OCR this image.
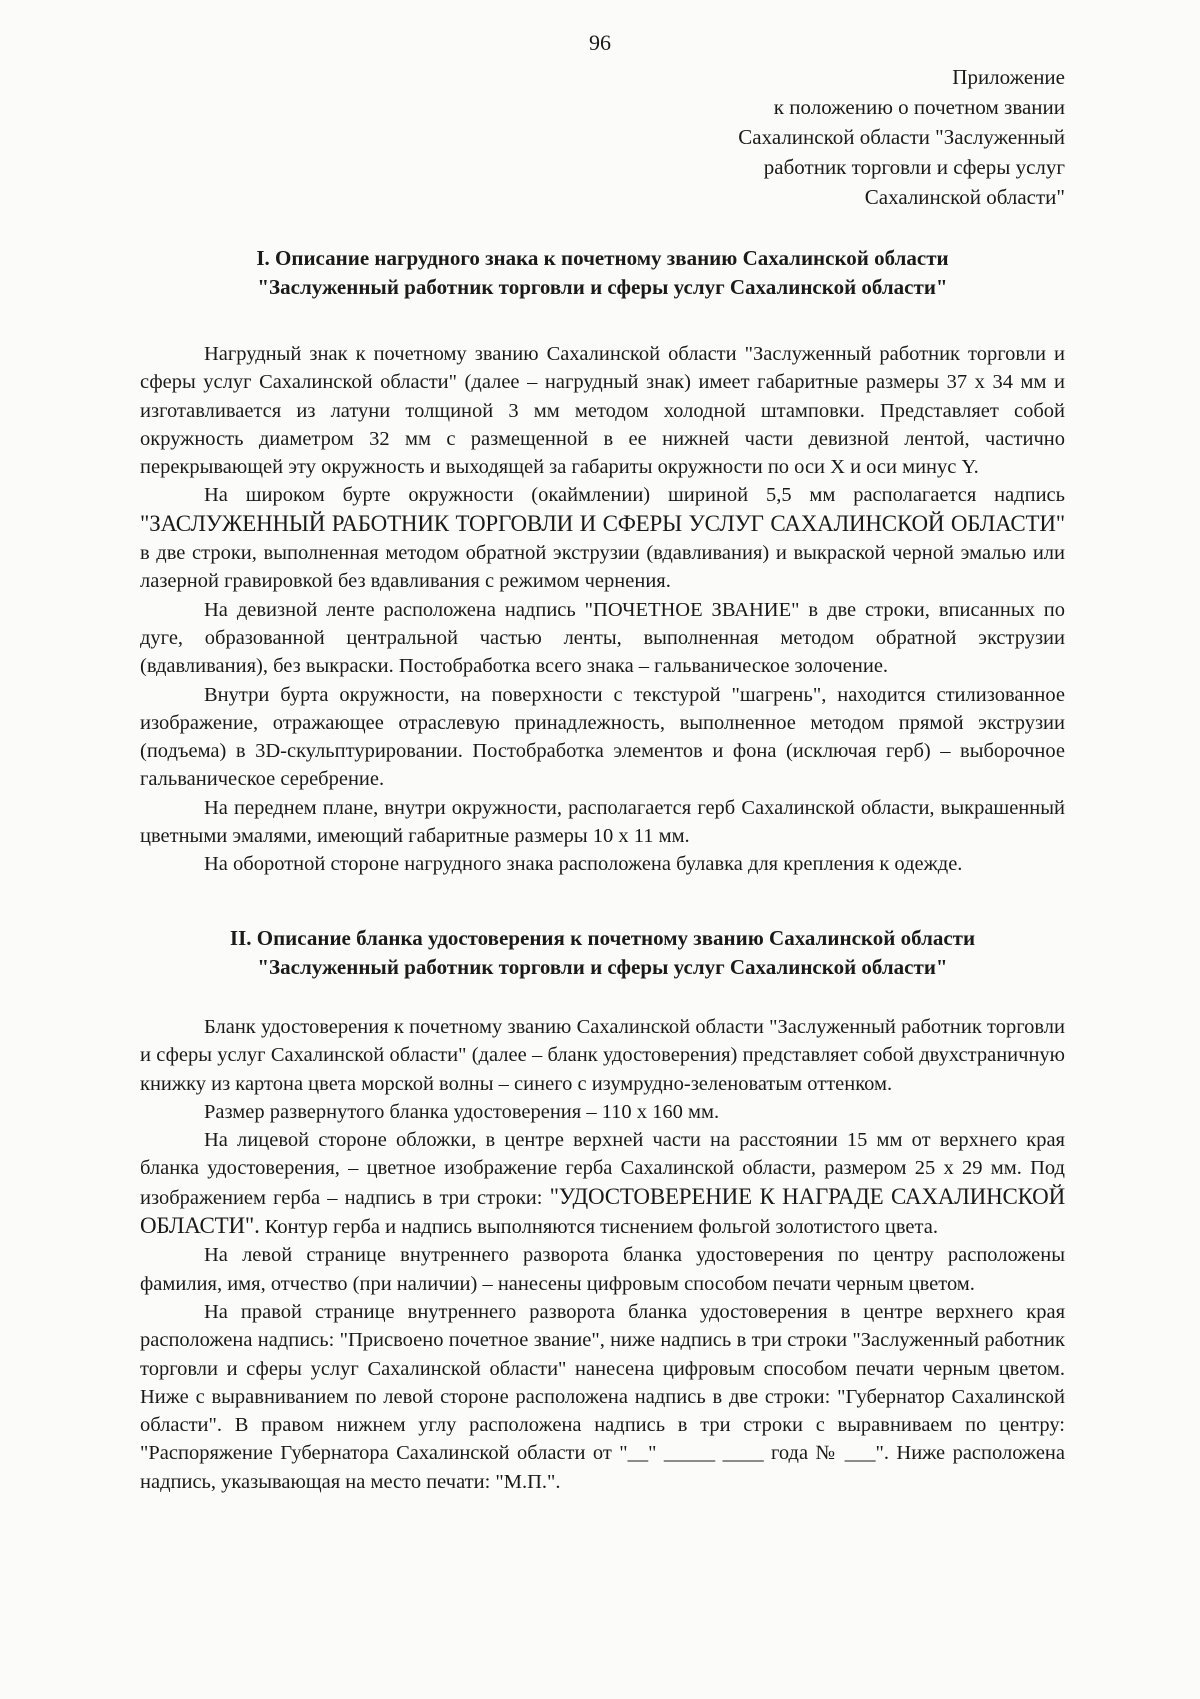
96
Приложение
к положению о почетном звании
Сахалинской области "Заслуженный
работник торговли и сферы услуг
Сахалинской области"
I. Описание нагрудного знака к почетному званию Сахалинской области
"Заслуженный работник торговли и сферы услуг Сахалинской области"

Нагрудный знак к почетному званию Сахалинской области "Заслуженный работник торговли и сферы услуг Сахалинской области" (далее – нагрудный знак) имеет габаритные размеры 37 х 34 мм и изготавливается из латуни толщиной 3 мм методом холодной штамповки. Представляет собой окружность диаметром 32 мм с размещенной в ее нижней части девизной лентой, частично перекрывающей эту окружность и выходящей за габариты окружности по оси X и оси минус Y.

На широком бурте окружности (окаймлении) шириной 5,5 мм располагается надпись "ЗАСЛУЖЕННЫЙ РАБОТНИК ТОРГОВЛИ И СФЕРЫ УСЛУГ САХАЛИНСКОЙ ОБЛАСТИ" в две строки, выполненная методом обратной экструзии (вдавливания) и выкраской черной эмалью или лазерной гравировкой без вдавливания с режимом чернения.

На девизной ленте расположена надпись "ПОЧЕТНОЕ ЗВАНИЕ" в две строки, вписанных по дуге, образованной центральной частью ленты, выполненная методом обратной экструзии (вдавливания), без выкраски. Постобработка всего знака – гальваническое золочение.

Внутри бурта окружности, на поверхности с текстурой "шагрень", находится стилизованное изображение, отражающее отраслевую принадлежность, выполненное методом прямой экструзии (подъема) в 3D-скульптурировании. Постобработка элементов и фона (исключая герб) – выборочное гальваническое серебрение.

На переднем плане, внутри окружности, располагается герб Сахалинской области, выкрашенный цветными эмалями, имеющий габаритные размеры 10 х 11 мм.

На оборотной стороне нагрудного знака расположена булавка для крепления к одежде.

II. Описание бланка удостоверения к почетному званию Сахалинской области
"Заслуженный работник торговли и сферы услуг Сахалинской области"

Бланк удостоверения к почетному званию Сахалинской области "Заслуженный работник торговли и сферы услуг Сахалинской области" (далее – бланк удостоверения) представляет собой двухстраничную книжку из картона цвета морской волны – синего с изумрудно-зеленоватым оттенком.

Размер развернутого бланка удостоверения – 110 х 160 мм.

На лицевой стороне обложки, в центре верхней части на расстоянии 15 мм от верхнего края бланка удостоверения, – цветное изображение герба Сахалинской области, размером 25 х 29 мм. Под изображением герба – надпись в три строки: "УДОСТОВЕРЕНИЕ К НАГРАДЕ САХАЛИНСКОЙ ОБЛАСТИ". Контур герба и надпись выполняются тиснением фольгой золотистого цвета.

На левой странице внутреннего разворота бланка удостоверения по центру расположены фамилия, имя, отчество (при наличии) – нанесены цифровым способом печати черным цветом.

На правой странице внутреннего разворота бланка удостоверения в центре верхнего края расположена надпись: "Присвоено почетное звание", ниже надпись в три строки "Заслуженный работник торговли и сферы услуг Сахалинской области" нанесена цифровым способом печати черным цветом. Ниже с выравниванием по левой стороне расположена надпись в две строки: "Губернатор Сахалинской области". В правом нижнем углу расположена надпись в три строки с выравниваем по центру: "Распоряжение Губернатора Сахалинской области от "__" _____ ____ года № ___". Ниже расположена надпись, указывающая на место печати: "М.П.".
